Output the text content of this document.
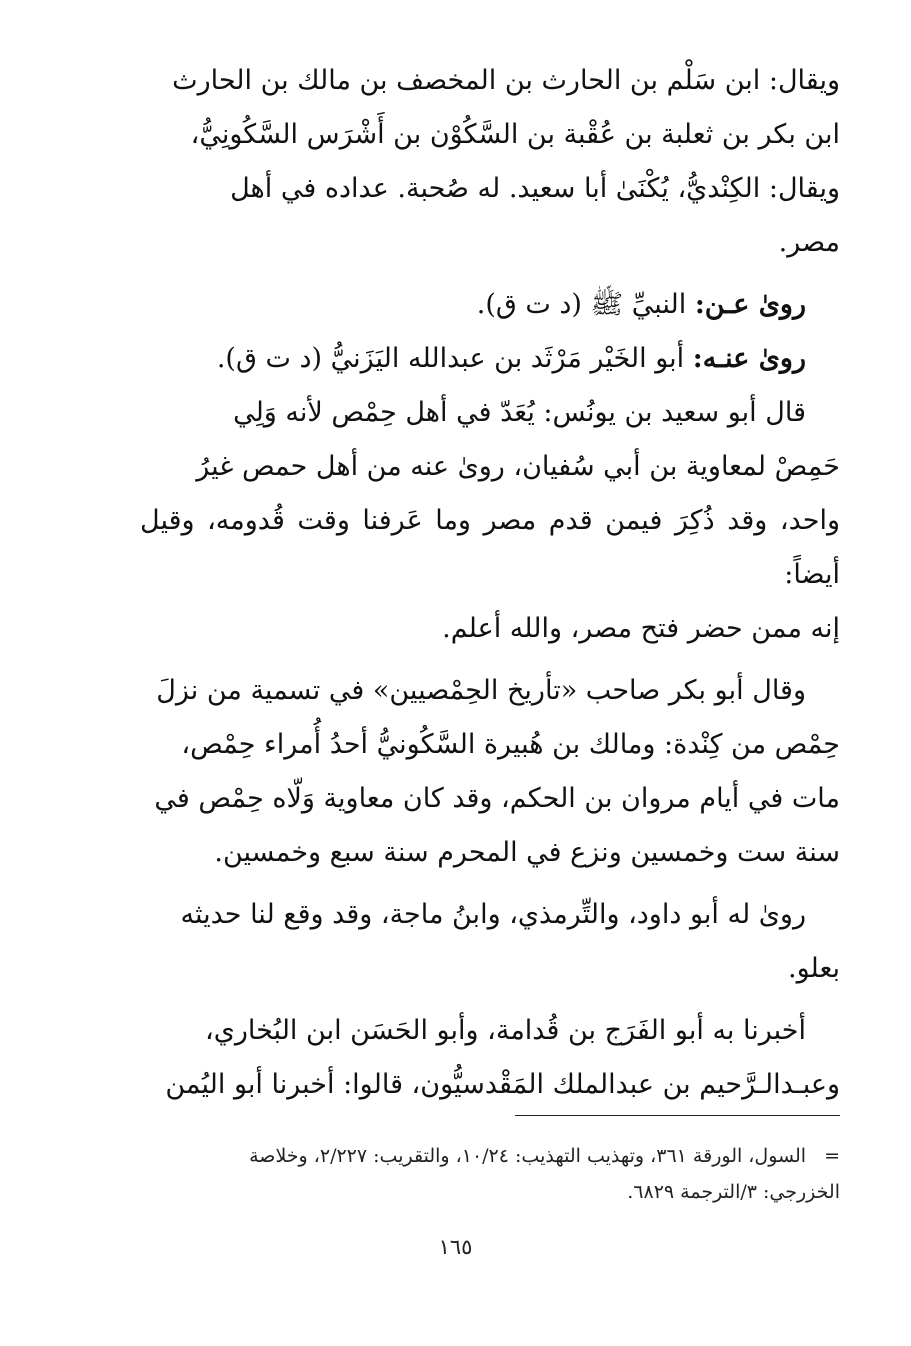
ويقال: ابن سَلْم بن الحارث بن المخصف بن مالك بن الحارث
ابن بكر بن ثعلبة بن عُقْبة بن السَّكُوْن بن أَشْرَس السَّكُونِيُّ،
ويقال: الكِنْديُّ، يُكْنَىٰ أبا سعيد. له صُحبة. عداده في أهل
مصر.

روىٰ عـن: النبيِّ ﷺ (د ت ق).

روىٰ عنـه: أبو الخَيْر مَرْثَد بن عبدالله اليَزَنيُّ (د ت ق).

قال أبو سعيد بن يونُس: يُعَدّ في أهل حِمْص لأنه وَلِي
حَمِصْ لمعاوية بن أبي سُفيان، روىٰ عنه من أهل حمص غيرُ
واحد، وقد ذُكِرَ فيمن قدم مصر وما عَرفنا وقت قُدومه، وقيل أيضاً:
إنه ممن حضر فتح مصر، والله أعلم.

وقال أبو بكر صاحب «تأريخ الحِمْصيين» في تسمية من نزلَ
حِمْص من كِنْدة: ومالك بن هُبيرة السَّكُونيُّ أحدُ أُمراء حِمْص،
مات في أيام مروان بن الحكم، وقد كان معاوية وَلّاه حِمْص في
سنة ست وخمسين ونزع في المحرم سنة سبع وخمسين.

روىٰ له أبو داود، والتِّرمذي، وابنُ ماجة، وقد وقع لنا حديثه
بعلو.

أخبرنا به أبو الفَرَج بن قُدامة، وأبو الحَسَن ابن البُخاري،
وعبـدالـرَّحيم بن عبدالملك المَقْدسيُّون، قالوا: أخبرنا أبو اليُمن

=السول، الورقة ٣٦١، وتهذيب التهذيب: ١٠/٢٤، والتقريب: ٢/٢٢٧، وخلاصة
الخزرجي: ٣/الترجمة ٦٨٢٩.

١٦٥
